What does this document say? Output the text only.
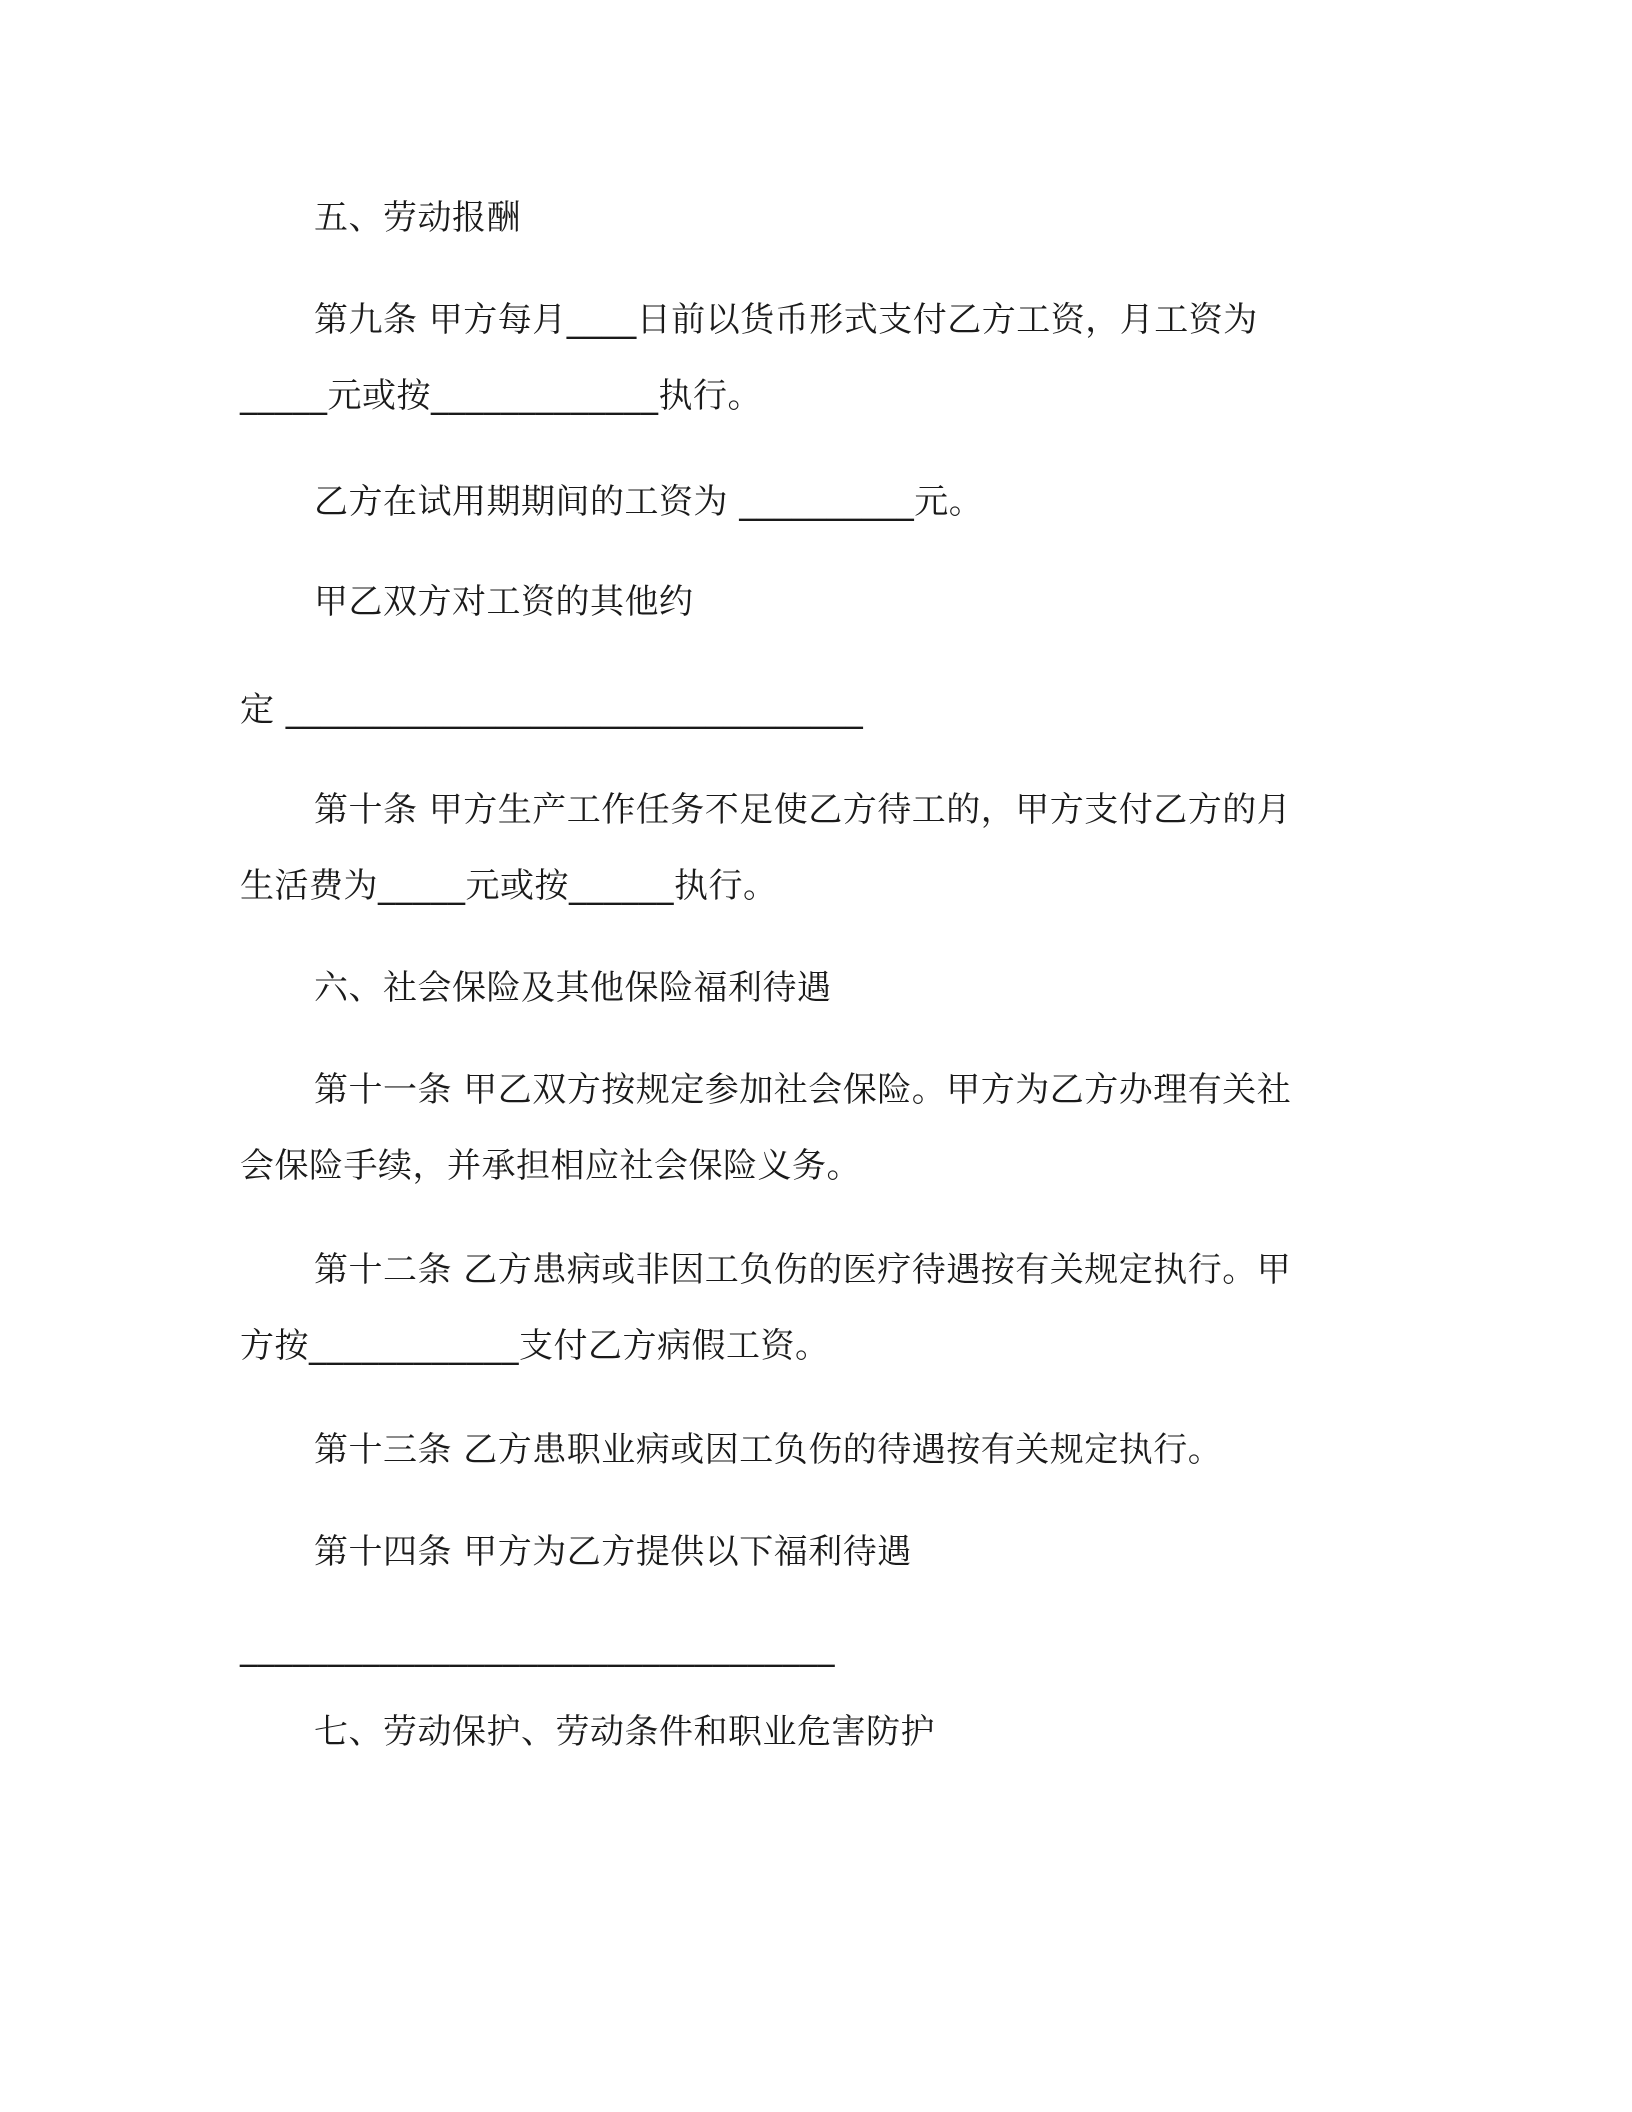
五、劳动报酬
第九条 甲方每月____日前以货币形式支付乙方工资，月工资为
_____元或按_____________执行。
乙方在试用期期间的工资为 __________元。
甲乙双方对工资的其他约
定 _________________________________
第十条 甲方生产工作任务不足使乙方待工的，甲方支付乙方的月
生活费为_____元或按______执行。
六、社会保险及其他保险福利待遇
第十一条 甲乙双方按规定参加社会保险。甲方为乙方办理有关社
会保险手续，并承担相应社会保险义务。
第十二条 乙方患病或非因工负伤的医疗待遇按有关规定执行。甲
方按____________支付乙方病假工资。
第十三条 乙方患职业病或因工负伤的待遇按有关规定执行。
第十四条 甲方为乙方提供以下福利待遇
__________________________________
七、劳动保护、劳动条件和职业危害防护
